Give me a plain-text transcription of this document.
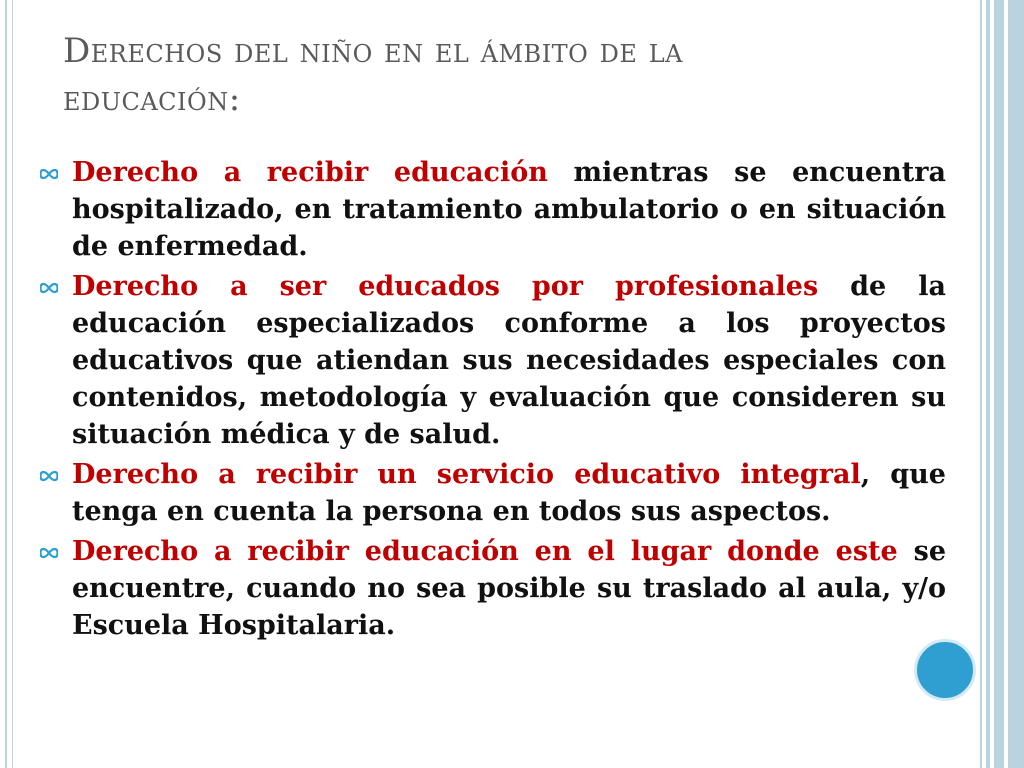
Derechos del niño en el ámbito de la
educación:
Derecho a recibir educación mientras se encuentra hospitalizado, en tratamiento ambulatorio o en situación de enfermedad.
Derecho a ser educados por profesionales de la educación especializados conforme a los proyectos educativos que atiendan sus necesidades especiales con contenidos, metodología y evaluación que consideren su situación médica y de salud.
Derecho a recibir un servicio educativo integral, que tenga en cuenta la persona en todos sus aspectos.
Derecho a recibir educación en el lugar donde este se encuentre, cuando no sea posible su traslado al aula, y/o Escuela Hospitalaria.
